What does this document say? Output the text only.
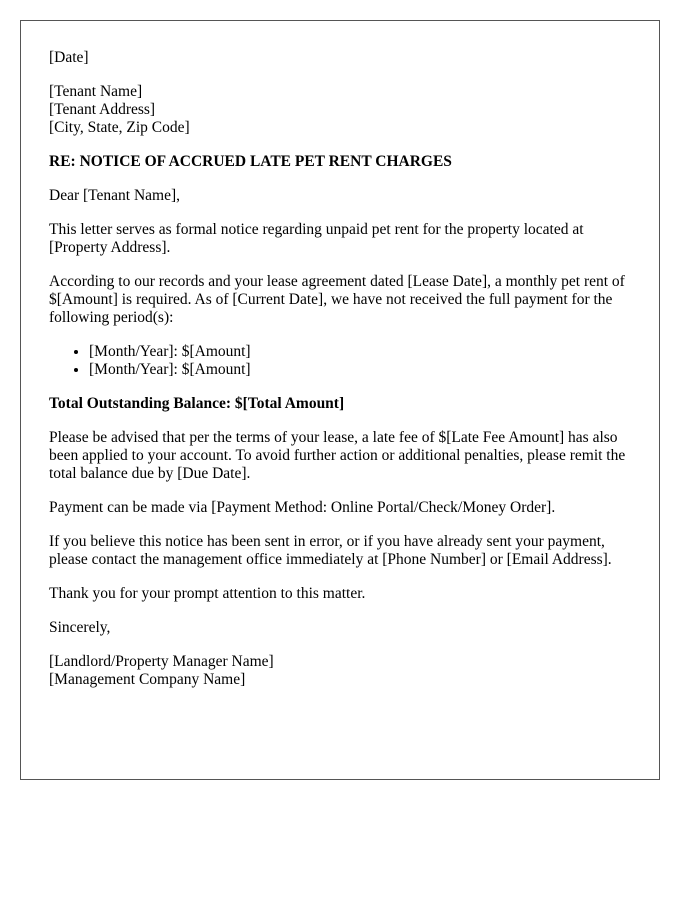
[Date]

[Tenant Name]
[Tenant Address]
[City, State, Zip Code]

RE: NOTICE OF ACCRUED LATE PET RENT CHARGES

Dear [Tenant Name],

This letter serves as formal notice regarding unpaid pet rent for the property located at [Property Address].

According to our records and your lease agreement dated [Lease Date], a monthly pet rent of $[Amount] is required. As of [Current Date], we have not received the full payment for the following period(s):

• [Month/Year]: $[Amount]
• [Month/Year]: $[Amount]

Total Outstanding Balance: $[Total Amount]

Please be advised that per the terms of your lease, a late fee of $[Late Fee Amount] has also been applied to your account. To avoid further action or additional penalties, please remit the total balance due by [Due Date].

Payment can be made via [Payment Method: Online Portal/Check/Money Order].

If you believe this notice has been sent in error, or if you have already sent your payment, please contact the management office immediately at [Phone Number] or [Email Address].

Thank you for your prompt attention to this matter.

Sincerely,

[Landlord/Property Manager Name]
[Management Company Name]
